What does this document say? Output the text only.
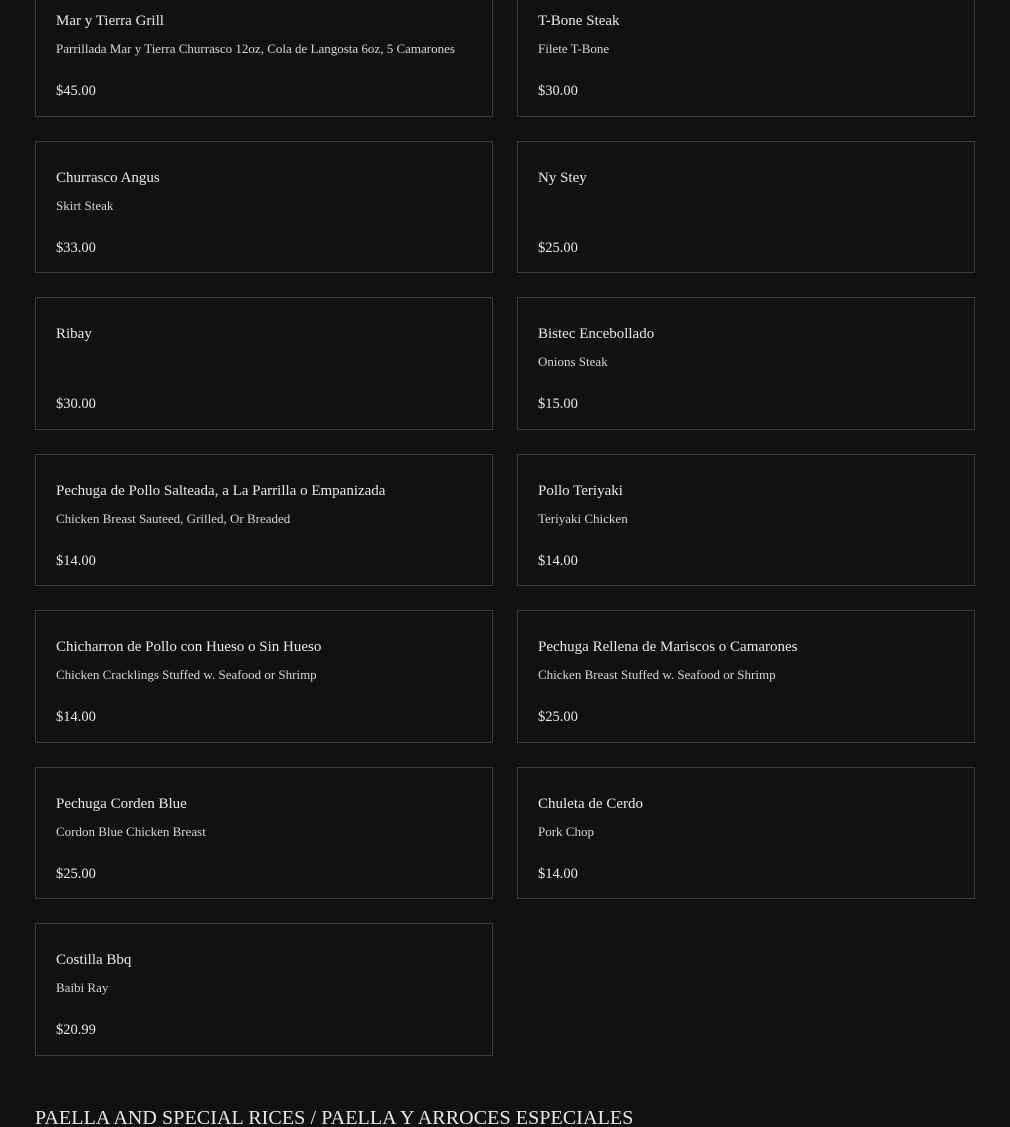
Mar y Tierra Grill
Parrillada Mar y Tierra Churrasco 12oz, Cola de Langosta 6oz, 5 Camarones
$45.00
T-Bone Steak
Filete T-Bone
$30.00
Churrasco Angus
Skirt Steak
$33.00
Ny Stey
$25.00
Ribay
$30.00
Bistec Encebollado
Onions Steak
$15.00
Pechuga de Pollo Salteada, a La Parrilla o Empanizada
Chicken Breast Sauteed, Grilled, Or Breaded
$14.00
Pollo Teriyaki
Teriyaki Chicken
$14.00
Chicharron de Pollo con Hueso o Sin Hueso
Chicken Cracklings Stuffed w. Seafood or Shrimp
$14.00
Pechuga Rellena de Mariscos o Camarones
Chicken Breast Stuffed w. Seafood or Shrimp
$25.00
Pechuga Corden Blue
Cordon Blue Chicken Breast
$25.00
Chuleta de Cerdo
Pork Chop
$14.00
Costilla Bbq
Baibi Ray
$20.99
PAELLA AND SPECIAL RICES / PAELLA Y ARROCES ESPECIALES
